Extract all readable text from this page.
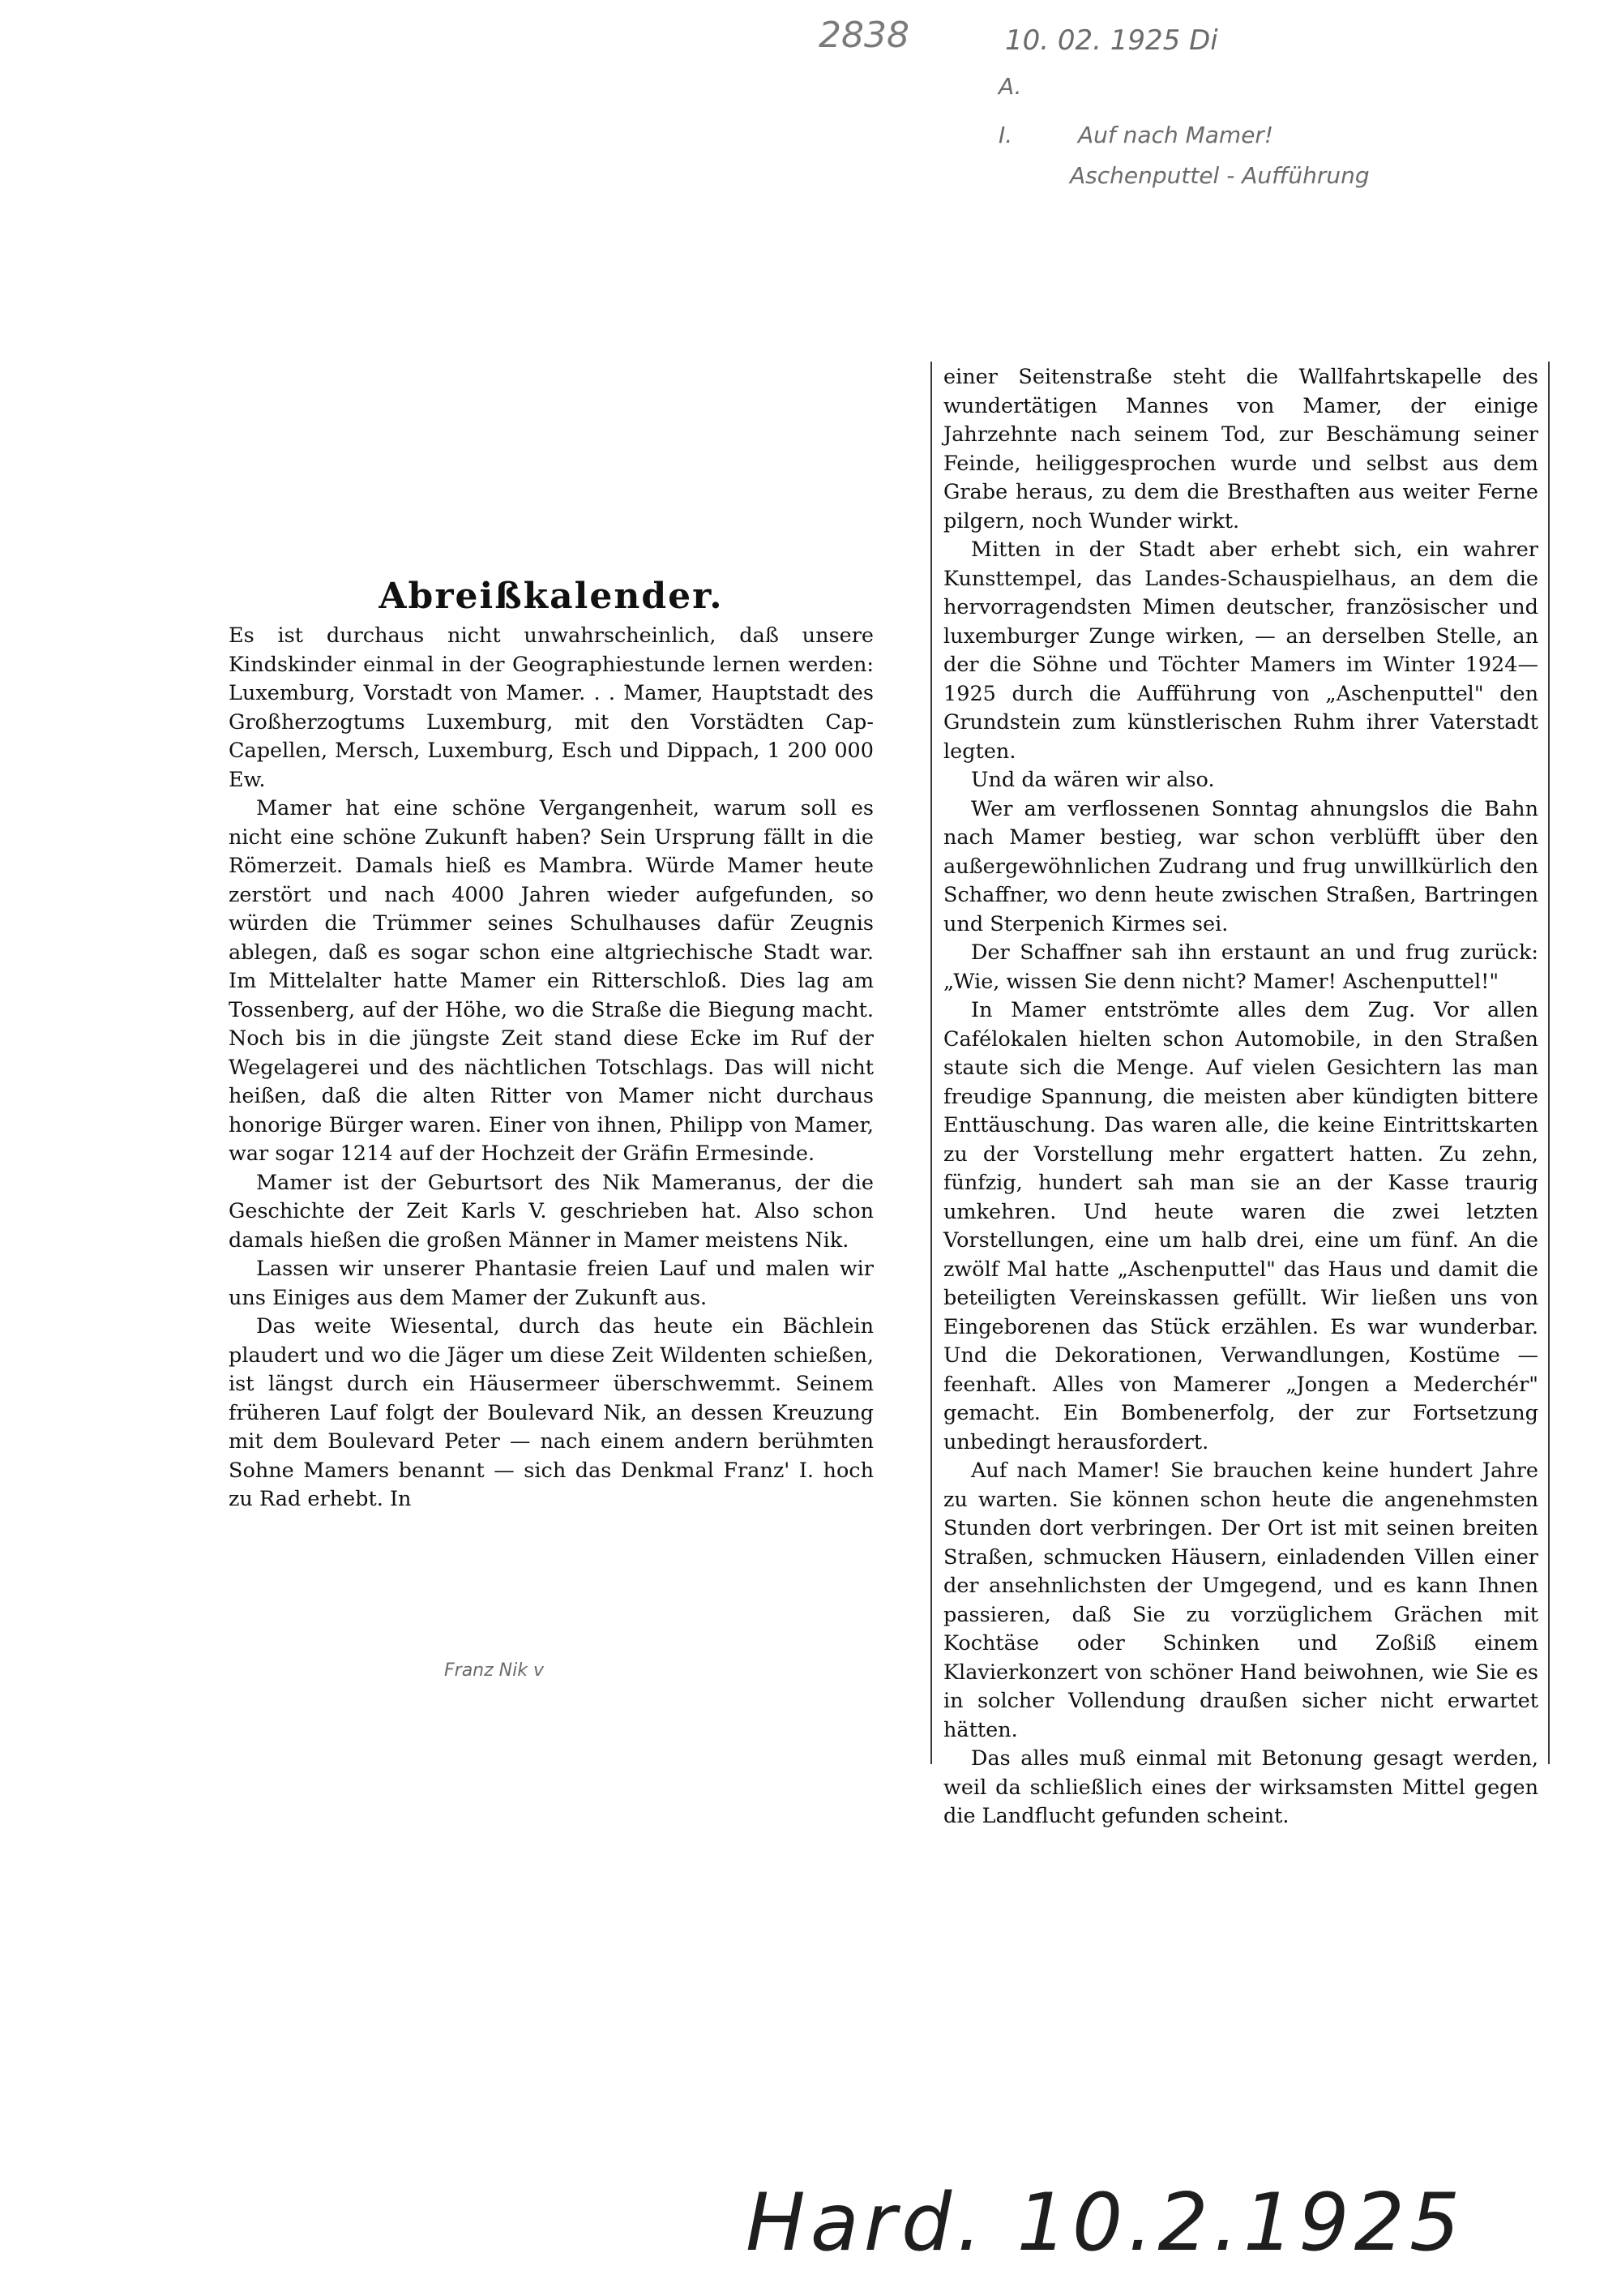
2838	10. 02. 1925 Di
A.
I.	Auf nach Mamer!
Aschenputtel - Aufführung
Abreißkalender.

Es ist durchaus nicht unwahrscheinlich, daß unsere Kindskinder einmal in der Geographiestunde lernen werden: Luxemburg, Vorstadt von Mamer. . . Mamer, Hauptstadt des Großherzogtums Luxemburg, mit den Vorstädten Cap-Capellen, Mersch, Luxemburg, Esch und Dippach, 1 200 000 Ew.

Mamer hat eine schöne Vergangenheit, warum soll es nicht eine schöne Zukunft haben? Sein Ursprung fällt in die Römerzeit. Damals hieß es Mambra. Würde Mamer heute zerstört und nach 4000 Jahren wieder aufgefunden, so würden die Trümmer seines Schulhauses dafür Zeugnis ablegen, daß es sogar schon eine altgriechische Stadt war. Im Mittelalter hatte Mamer ein Ritterschloß. Dies lag am Tossenberg, auf der Höhe, wo die Straße die Biegung macht. Noch bis in die jüngste Zeit stand diese Ecke im Ruf der Wegelagerei und des nächtlichen Totschlags. Das will nicht heißen, daß die alten Ritter von Mamer nicht durchaus honorige Bürger waren. Einer von ihnen, Philipp von Mamer, war sogar 1214 auf der Hochzeit der Gräfin Ermesinde.

Mamer ist der Geburtsort des Nik Mameranus, der die Geschichte der Zeit Karls V. geschrieben hat. Also schon damals hießen die großen Männer in Mamer meistens Nik.

Lassen wir unserer Phantasie freien Lauf und malen wir uns Einiges aus dem Mamer der Zukunft aus.

Das weite Wiesental, durch das heute ein Bächlein plaudert und wo die Jäger um diese Zeit Wildenten schießen, ist längst durch ein Häusermeer überschwemmt. Seinem früheren Lauf folgt der Boulevard Nik, an dessen Kreuzung mit dem Boulevard Peter — nach einem andern berühmten Sohne Mamers benannt — sich das Denkmal Franz' I. hoch zu Rad erhebt. In

Franz Nik v

einer Seitenstraße steht die Wallfahrtskapelle des wundertätigen Mannes von Mamer, der einige Jahrzehnte nach seinem Tod, zur Beschämung seiner Feinde, heiliggesprochen wurde und selbst aus dem Grabe heraus, zu dem die Bresthaften aus weiter Ferne pilgern, noch Wunder wirkt.

Mitten in der Stadt aber erhebt sich, ein wahrer Kunsttempel, das Landes-Schauspielhaus, an dem die hervorragendsten Mimen deutscher, französischer und luxemburger Zunge wirken, — an derselben Stelle, an der die Söhne und Töchter Mamers im Winter 1924—1925 durch die Aufführung von „Aschenputtel" den Grundstein zum künstlerischen Ruhm ihrer Vaterstadt legten.

Und da wären wir also.

Wer am verflossenen Sonntag ahnungslos die Bahn nach Mamer bestieg, war schon verblüfft über den außergewöhnlichen Zudrang und frug unwillkürlich den Schaffner, wo denn heute zwischen Straßen, Bartringen und Sterpenich Kirmes sei.

Der Schaffner sah ihn erstaunt an und frug zurück: „Wie, wissen Sie denn nicht? Mamer! Aschenputtel!"

In Mamer entströmte alles dem Zug. Vor allen Cafélokalen hielten schon Automobile, in den Straßen staute sich die Menge. Auf vielen Gesichtern las man freudige Spannung, die meisten aber kündigten bittere Enttäuschung. Das waren alle, die keine Eintrittskarten zu der Vorstellung mehr ergattert hatten. Zu zehn, fünfzig, hundert sah man sie an der Kasse traurig umkehren. Und heute waren die zwei letzten Vorstellungen, eine um halb drei, eine um fünf. An die zwölf Mal hatte „Aschenputtel" das Haus und damit die beteiligten Vereinskassen gefüllt. Wir ließen uns von Eingeborenen das Stück erzählen. Es war wunderbar. Und die Dekorationen, Verwandlungen, Kostüme — feenhaft. Alles von Mamerer „Jongen a Mederchér" gemacht. Ein Bombenerfolg, der zur Fortsetzung unbedingt herausfordert.

Auf nach Mamer! Sie brauchen keine hundert Jahre zu warten. Sie können schon heute die angenehmsten Stunden dort verbringen. Der Ort ist mit seinen breiten Straßen, schmucken Häusern, einladenden Villen einer der ansehnlichsten der Umgegend, und es kann Ihnen passieren, daß Sie zu vorzüglichem Grächen mit Kochtäse oder Schinken und Zoßiß einem Klavierkonzert von schöner Hand beiwohnen, wie Sie es in solcher Vollendung draußen sicher nicht erwartet hätten.

Das alles muß einmal mit Betonung gesagt werden, weil da schließlich eines der wirksamsten Mittel gegen die Landflucht gefunden scheint.

Hard. 10.2.1925
